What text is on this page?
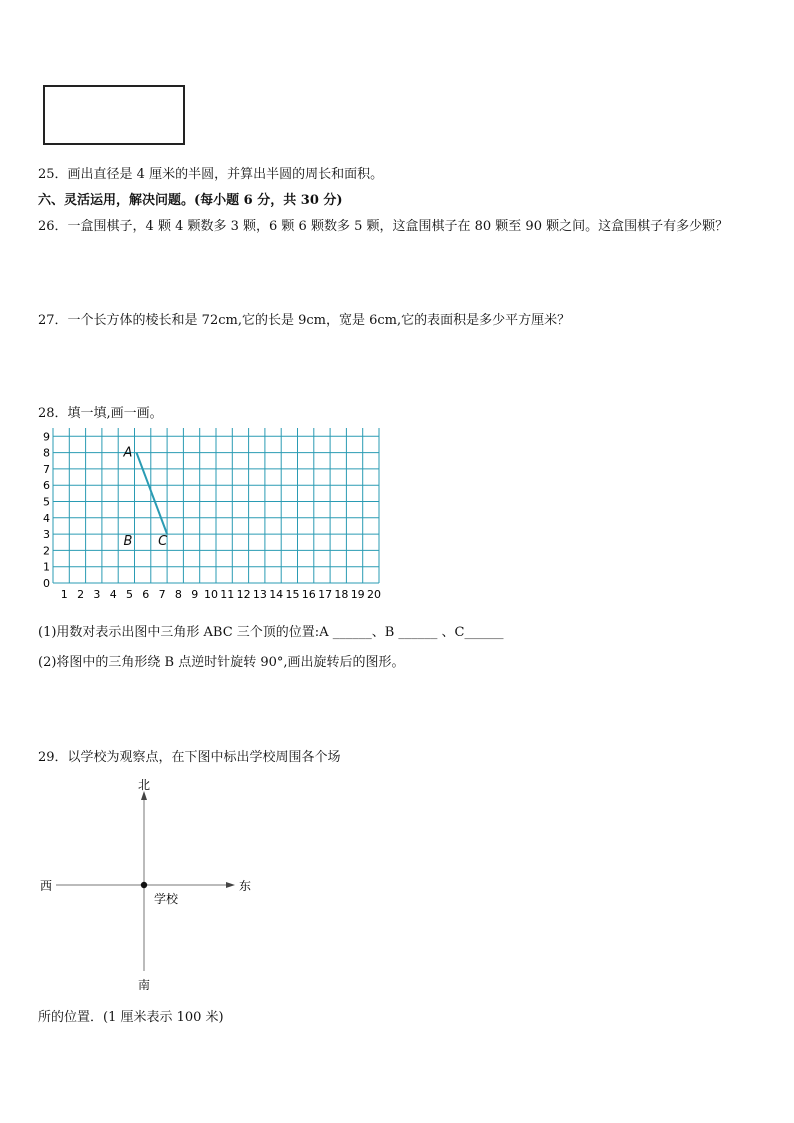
25．画出直径是 4 厘米的半圆，并算出半圆的周长和面积。
六、灵活运用，解决问题。(每小题 6 分，共 30 分)
26．一盒围棋子，4 颗 4 颗数多 3 颗，6 颗 6 颗数多 5 颗，这盒围棋子在 80 颗至 90 颗之间。这盒围棋子有多少颗？
27．一个长方体的棱长和是 72cm,它的长是 9cm，宽是 6cm,它的表面积是多少平方厘米？
28．填一填,画一画。
0
1
2
3
4
5
6
7
8
9
1 2 3 4 5 6 7 8 9 10 11 12 13 14 15 16 17 18 19 20
A
B C
(1)用数对表示出图中三角形 ABC 三个顶的位置:A ______、B ______ 、C______
(2)将图中的三角形绕 B 点逆时针旋转 90°,画出旋转后的图形。
29．以学校为观察点，在下图中标出学校周围各个场
北
南
西	东
学校
所的位置．(1 厘米表示 100 米)
